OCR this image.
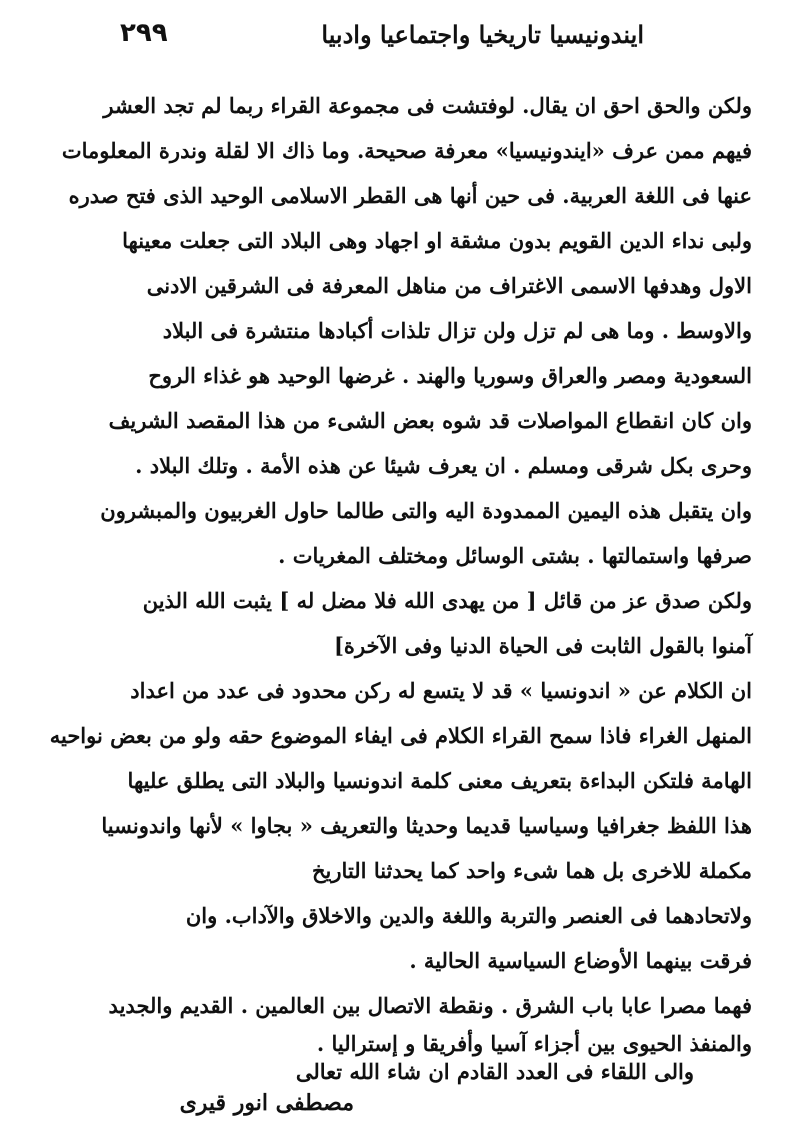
٢٩٩	ايندونيسيا تاريخيا واجتماعيا وادبيا
ولكن والحق احق ان يقال. لوفتشت فى مجموعة القراء ربما لم تجد العشر
فيهم ممن عرف «ايندونيسيا» معرفة صحيحة. وما ذاك الا لقلة وندرة المعلومات
عنها فى اللغة العربية. فى حين أنها هى القطر الاسلامى الوحيد الذى فتح صدره
ولبى نداء الدين القويم بدون مشقة او اجهاد وهى البلاد التى جعلت معينها
الاول وهدفها الاسمى الاغتراف من مناهل المعرفة فى الشرقين الادنى
والاوسط . وما هى لم تزل ولن تزال تلذات أكبادها منتشرة فى البلاد
السعودية ومصر والعراق وسوريا والهند . غرضها الوحيد هو غذاء الروح
وان كان انقطاع المواصلات قد شوه بعض الشىء من هذا المقصد الشريف
وحرى بكل شرقى ومسلم . ان يعرف شيئا عن هذه الأمة . وتلك البلاد .
وان يتقبل هذه اليمين الممدودة اليه والتى طالما حاول الغربيون والمبشرون
صرفها واستمالتها . بشتى الوسائل ومختلف المغريات .
ولكن صدق عز من قائل [ من يهدى الله فلا مضل له ] يثبت الله الذين
آمنوا بالقول الثابت فى الحياة الدنيا وفى الآخرة]
ان الكلام عن « اندونسيا » قد لا يتسع له ركن محدود فى عدد من اعداد
المنهل الغراء فاذا سمح القراء الكلام فى ايفاء الموضوع حقه ولو من بعض نواحيه
الهامة فلتكن البداءة بتعريف معنى كلمة اندونسيا والبلاد التى يطلق عليها
هذا اللفظ جغرافيا وسياسيا قديما وحديثا والتعريف « بجاوا » لأنها واندونسيا
مكملة للاخرى بل هما شىء واحد كما يحدثنا التاريخ
ولاتحادهما فى العنصر والتربة واللغة والدين والاخلاق والآداب. وان
فرقت بينهما الأوضاع السياسية الحالية .
فهما مصرا عابا باب الشرق . ونقطة الاتصال بين العالمين . القديم والجديد
والمنفذ الحيوى بين أجزاء آسيا وأفريقا و إستراليا .
والى اللقاء فى العدد القادم ان شاء الله تعالى
مصطفى انور قيرى
